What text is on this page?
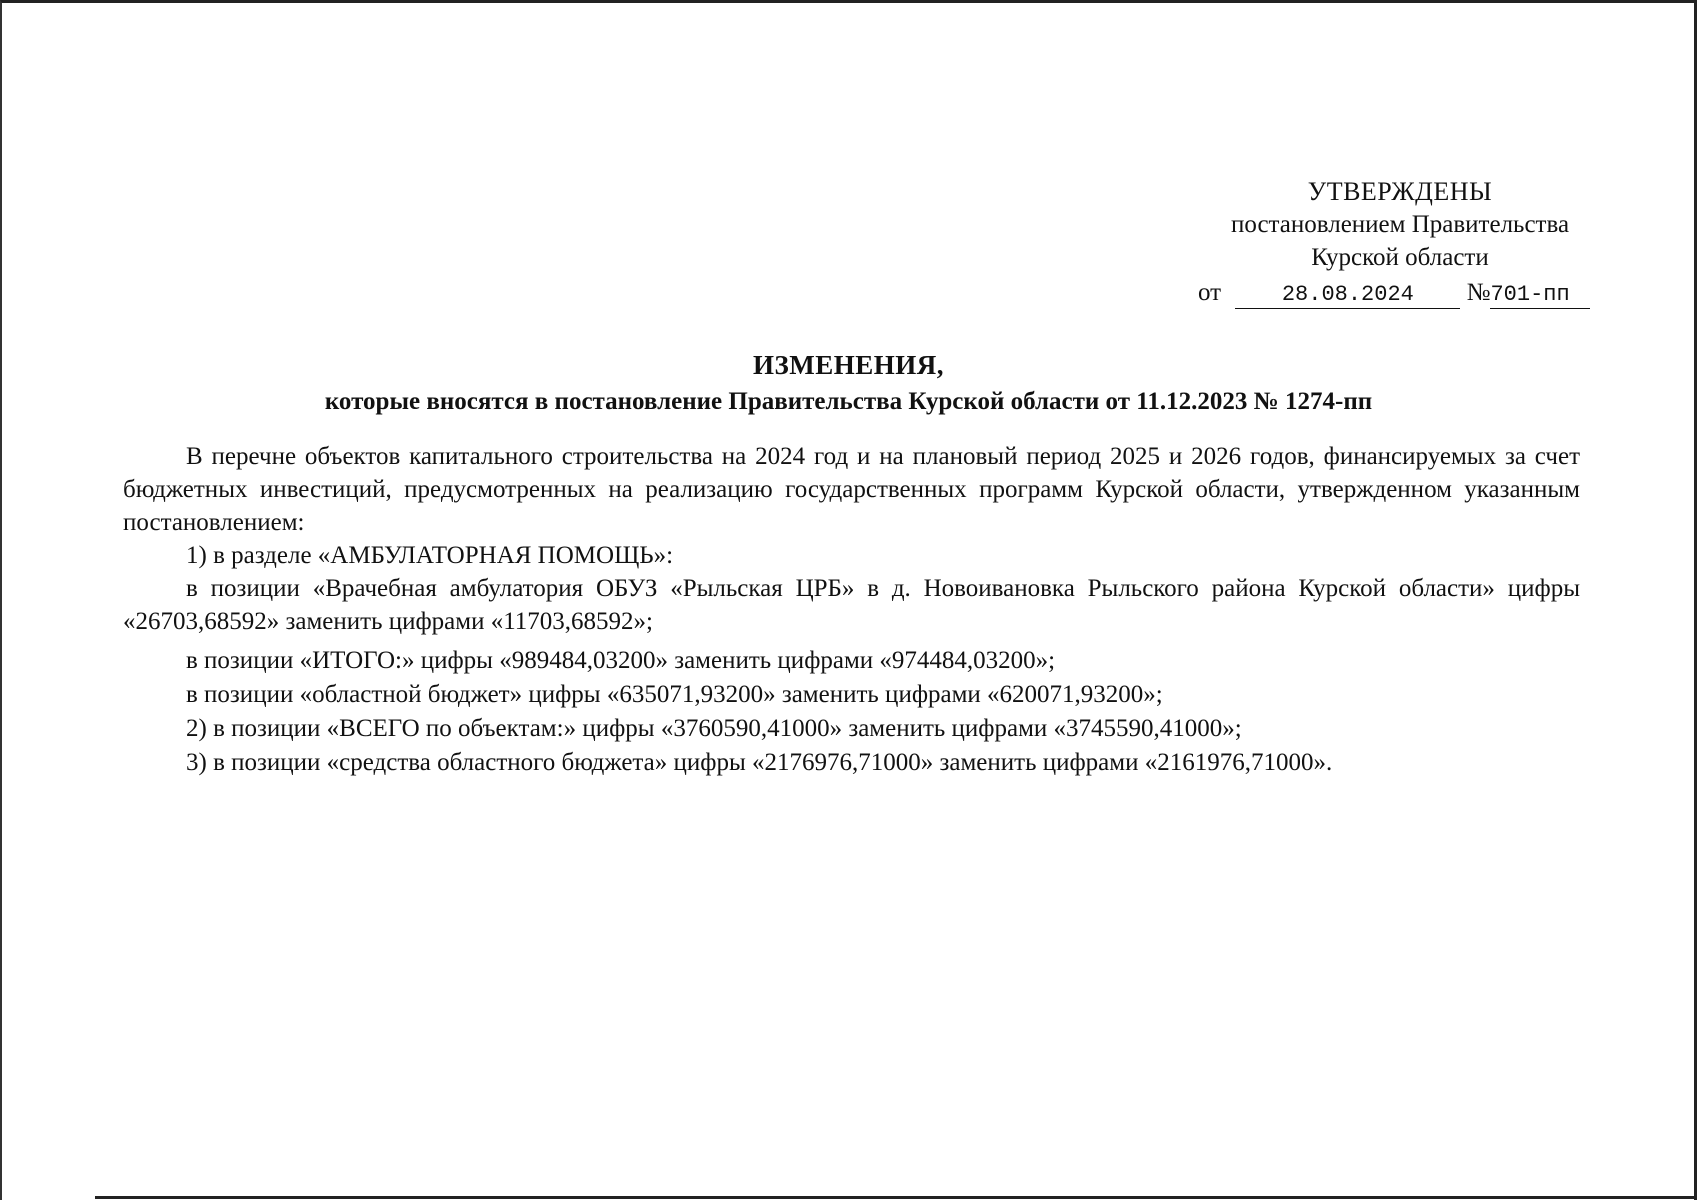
УТВЕРЖДЕНЫ
постановлением Правительства
Курской области
от	28.08.2024 №701-пп
ИЗМЕНЕНИЯ,
которые вносятся в постановление Правительства Курской области от 11.12.2023 № 1274-пп

В перечне объектов капитального строительства на 2024 год и на плановый период 2025 и 2026 годов, финансируемых за счет бюджетных инвестиций, предусмотренных на реализацию государственных программ Курской области, утвержденном указанным постановлением:

1) в разделе «АМБУЛАТОРНАЯ ПОМОЩЬ»:

в позиции «Врачебная амбулатория ОБУЗ «Рыльская ЦРБ» в д. Новоивановка Рыльского района Курской области» цифры «26703,68592» заменить цифрами «11703,68592»;

в позиции «ИТОГО:» цифры «989484,03200» заменить цифрами «974484,03200»;

в позиции «областной бюджет» цифры «635071,93200» заменить цифрами «620071,93200»;

2) в позиции «ВСЕГО по объектам:» цифры «3760590,41000» заменить цифрами «3745590,41000»;

3) в позиции «средства областного бюджета» цифры «2176976,71000» заменить цифрами «2161976,71000».
